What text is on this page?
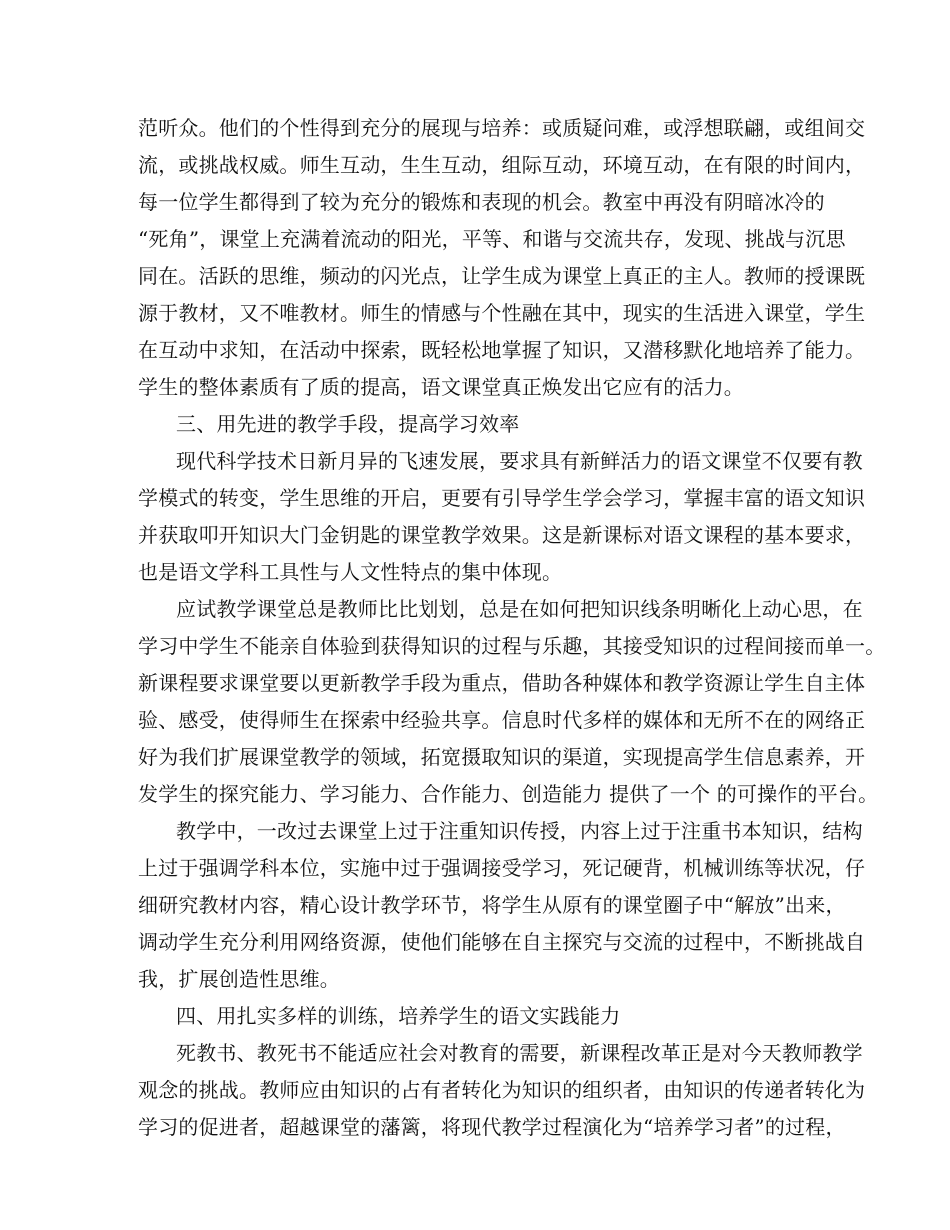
范听众。他们的个性得到充分的展现与培养：或质疑问难，或浮想联翩，或组间交
流，或挑战权威。师生互动，生生互动，组际互动，环境互动，在有限的时间内，
每一位学生都得到了较为充分的锻炼和表现的机会。教室中再没有阴暗冰冷的
“死角”，课堂上充满着流动的阳光，平等、和谐与交流共存，发现、挑战与沉思
同在。活跃的思维，频动的闪光点，让学生成为课堂上真正的主人。教师的授课既
源于教材，又不唯教材。师生的情感与个性融在其中，现实的生活进入课堂，学生
在互动中求知，在活动中探索，既轻松地掌握了知识，又潜移默化地培养了能力。
学生的整体素质有了质的提高，语文课堂真正焕发出它应有的活力。
三、用先进的教学手段，提高学习效率
现代科学技术日新月异的飞速发展，要求具有新鲜活力的语文课堂不仅要有教
学模式的转变，学生思维的开启，更要有引导学生学会学习，掌握丰富的语文知识
并获取叩开知识大门金钥匙的课堂教学效果。这是新课标对语文课程的基本要求，
也是语文学科工具性与人文性特点的集中体现。
应试教学课堂总是教师比比划划，总是在如何把知识线条明晰化上动心思，在
学习中学生不能亲自体验到获得知识的过程与乐趣，其接受知识的过程间接而单一。
新课程要求课堂要以更新教学手段为重点，借助各种媒体和教学资源让学生自主体
验、感受，使得师生在探索中经验共享。信息时代多样的媒体和无所不在的网络正
好为我们扩展课堂教学的领域，拓宽摄取知识的渠道，实现提高学生信息素养，开
发学生的探究能力、学习能力、合作能力、创造能力 提供了一个 的可操作的平台。
教学中，一改过去课堂上过于注重知识传授，内容上过于注重书本知识，结构
上过于强调学科本位，实施中过于强调接受学习，死记硬背，机械训练等状况，仔
细研究教材内容，精心设计教学环节，将学生从原有的课堂圈子中“解放”出来，
调动学生充分利用网络资源，使他们能够在自主探究与交流的过程中，不断挑战自
我，扩展创造性思维。
四、用扎实多样的训练，培养学生的语文实践能力
死教书、教死书不能适应社会对教育的需要，新课程改革正是对今天教师教学
观念的挑战。教师应由知识的占有者转化为知识的组织者，由知识的传递者转化为
学习的促进者，超越课堂的藩篱，将现代教学过程演化为“培养学习者”的过程，
